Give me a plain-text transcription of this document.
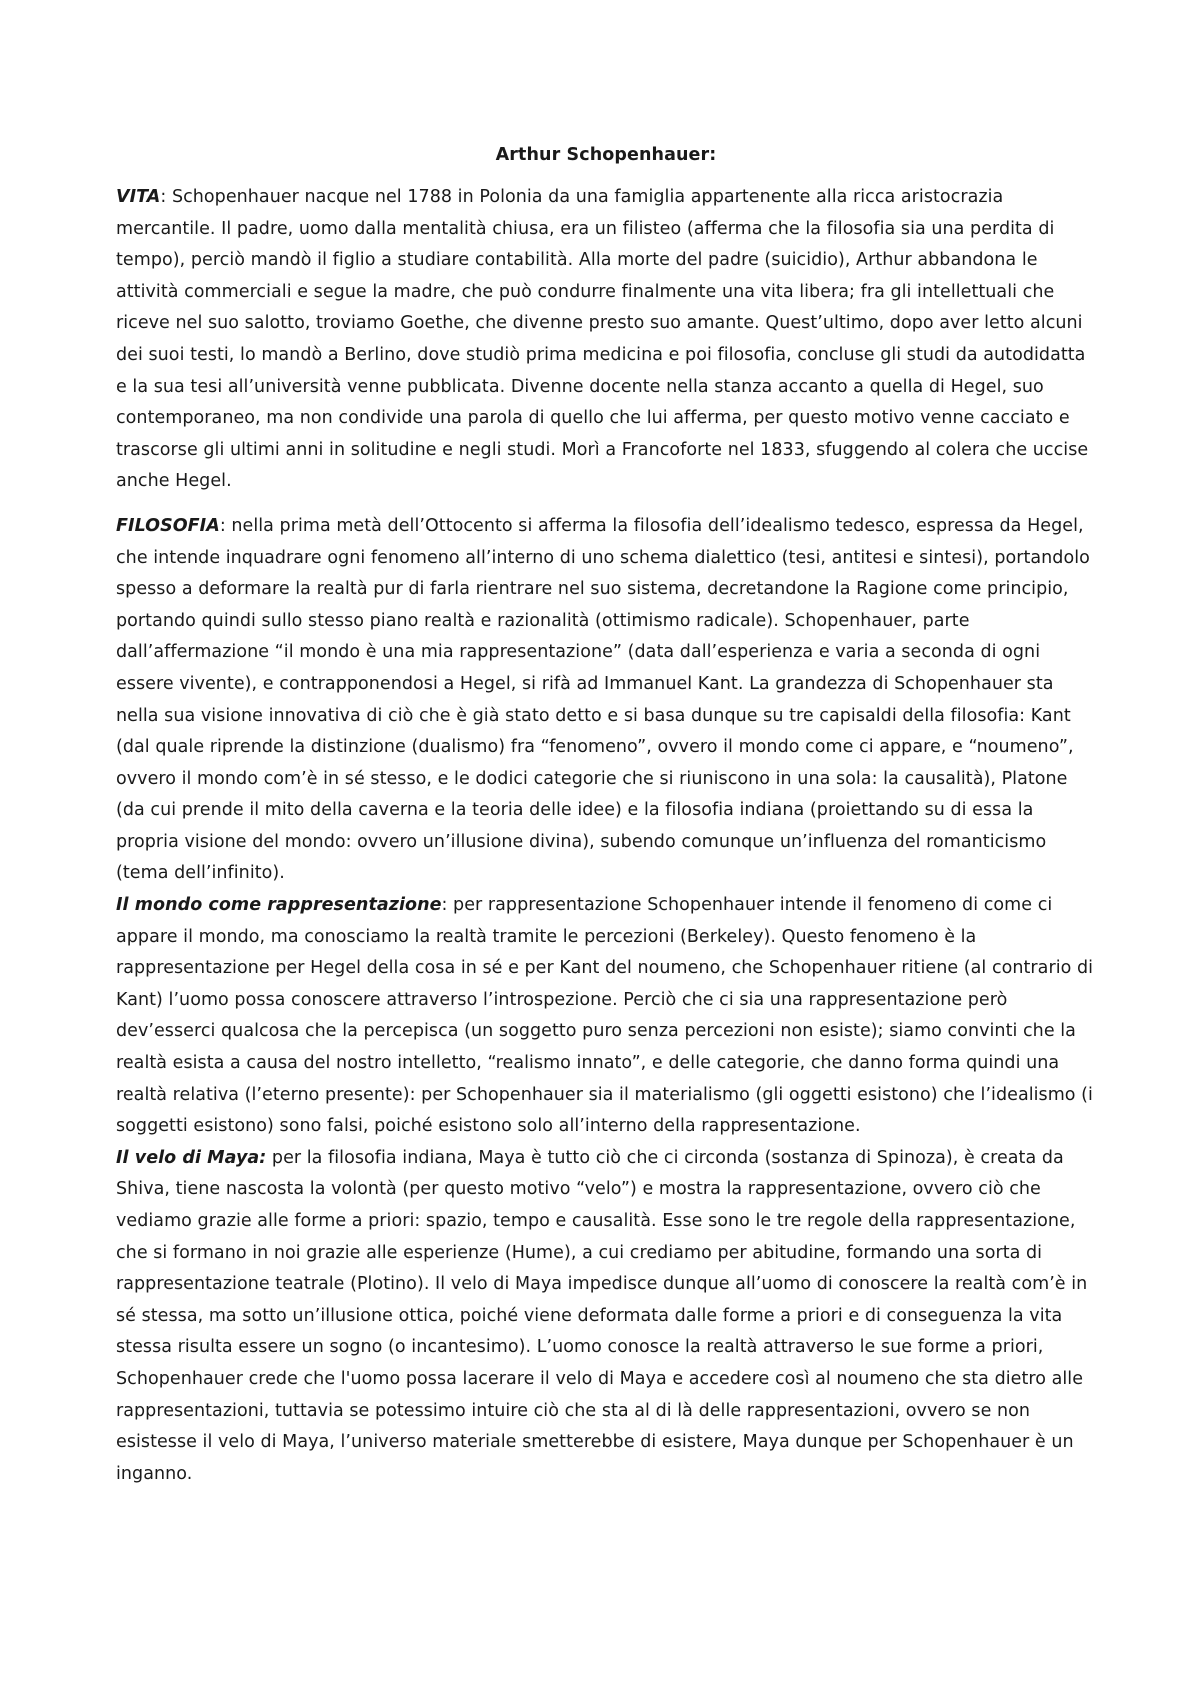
Arthur Schopenhauer:

VITA: Schopenhauer nacque nel 1788 in Polonia da una famiglia appartenente alla ricca aristocrazia mercantile. Il padre, uomo dalla mentalità chiusa, era un filisteo (afferma che la filosofia sia una perdita di tempo), perciò mandò il figlio a studiare contabilità. Alla morte del padre (suicidio), Arthur abbandona le attività commerciali e segue la madre, che può condurre finalmente una vita libera; fra gli intellettuali che riceve nel suo salotto, troviamo Goethe, che divenne presto suo amante. Quest’ultimo, dopo aver letto alcuni dei suoi testi, lo mandò a Berlino, dove studiò prima medicina e poi filosofia, concluse gli studi da autodidatta e la sua tesi all’università venne pubblicata. Divenne docente nella stanza accanto a quella di Hegel, suo contemporaneo, ma non condivide una parola di quello che lui afferma, per questo motivo venne cacciato e trascorse gli ultimi anni in solitudine e negli studi. Morì a Francoforte nel 1833, sfuggendo al colera che uccise anche Hegel.

FILOSOFIA: nella prima metà dell’Ottocento si afferma la filosofia dell’idealismo tedesco, espressa da Hegel, che intende inquadrare ogni fenomeno all’interno di uno schema dialettico (tesi, antitesi e sintesi), portandolo spesso a deformare la realtà pur di farla rientrare nel suo sistema, decretandone la Ragione come principio, portando quindi sullo stesso piano realtà e razionalità (ottimismo radicale). Schopenhauer, parte dall’affermazione “il mondo è una mia rappresentazione” (data dall’esperienza e varia a seconda di ogni essere vivente), e contrapponendosi a Hegel, si rifà ad Immanuel Kant. La grandezza di Schopenhauer sta nella sua visione innovativa di ciò che è già stato detto e si basa dunque su tre capisaldi della filosofia: Kant (dal quale riprende la distinzione (dualismo) fra “fenomeno”, ovvero il mondo come ci appare, e “noumeno”, ovvero il mondo com’è in sé stesso, e le dodici categorie che si riuniscono in una sola: la causalità), Platone (da cui prende il mito della caverna e la teoria delle idee) e la filosofia indiana (proiettando su di essa la propria visione del mondo: ovvero un’illusione divina), subendo comunque un’influenza del romanticismo (tema dell’infinito).

Il mondo come rappresentazione: per rappresentazione Schopenhauer intende il fenomeno di come ci appare il mondo, ma conosciamo la realtà tramite le percezioni (Berkeley). Questo fenomeno è la rappresentazione per Hegel della cosa in sé e per Kant del noumeno, che Schopenhauer ritiene (al contrario di Kant) l’uomo possa conoscere attraverso l’introspezione. Perciò che ci sia una rappresentazione però dev’esserci qualcosa che la percepisca (un soggetto puro senza percezioni non esiste); siamo convinti che la realtà esista a causa del nostro intelletto, “realismo innato”, e delle categorie, che danno forma quindi una realtà relativa (l’eterno presente): per Schopenhauer sia il materialismo (gli oggetti esistono) che l’idealismo (i soggetti esistono) sono falsi, poiché esistono solo all’interno della rappresentazione.

Il velo di Maya: per la filosofia indiana, Maya è tutto ciò che ci circonda (sostanza di Spinoza), è creata da Shiva, tiene nascosta la volontà (per questo motivo “velo”) e mostra la rappresentazione, ovvero ciò che vediamo grazie alle forme a priori: spazio, tempo e causalità. Esse sono le tre regole della rappresentazione, che si formano in noi grazie alle esperienze (Hume), a cui crediamo per abitudine, formando una sorta di rappresentazione teatrale (Plotino). Il velo di Maya impedisce dunque all’uomo di conoscere la realtà com’è in sé stessa, ma sotto un’illusione ottica, poiché viene deformata dalle forme a priori e di conseguenza la vita stessa risulta essere un sogno (o incantesimo). L’uomo conosce la realtà attraverso le sue forme a priori, Schopenhauer crede che l'uomo possa lacerare il velo di Maya e accedere così al noumeno che sta dietro alle rappresentazioni, tuttavia se potessimo intuire ciò che sta al di là delle rappresentazioni, ovvero se non esistesse il velo di Maya, l’universo materiale smetterebbe di esistere, Maya dunque per Schopenhauer è un inganno.
